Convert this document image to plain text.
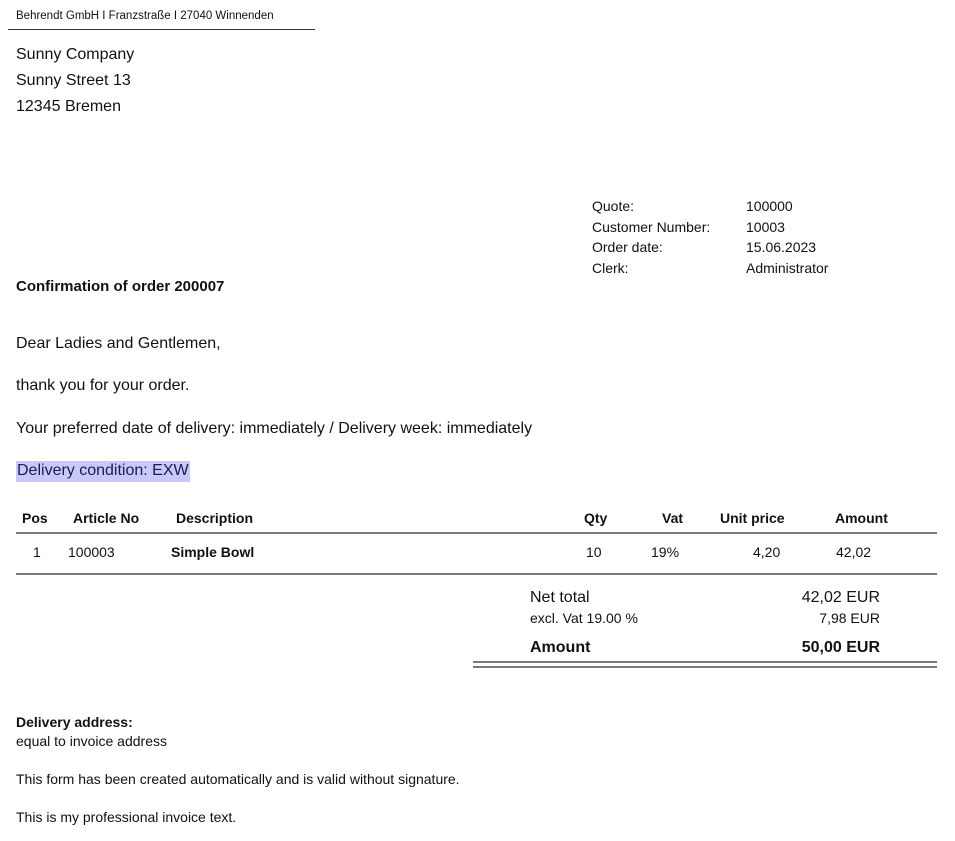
Behrendt GmbH I Franzstraße I 27040 Winnenden
Sunny Company
Sunny Street 13
12345 Bremen
Quote:	100000
Customer Number:	10003
Order date:	15.06.2023
Clerk:	Administrator
Confirmation of order 200007
Dear Ladies and Gentlemen,
thank you for your order.
Your preferred date of delivery: immediately / Delivery week: immediately
Delivery condition: EXW
Pos Article No	Description	Qty	Vat	Unit price	Amount
1 100003	Simple Bowl	10	19%	4,20	42,02
Net total	42,02 EUR
excl. Vat 19.00 %	7,98 EUR
Amount	50,00 EUR
Delivery address:
equal to invoice address
This form has been created automatically and is valid without signature.
This is my professional invoice text.
